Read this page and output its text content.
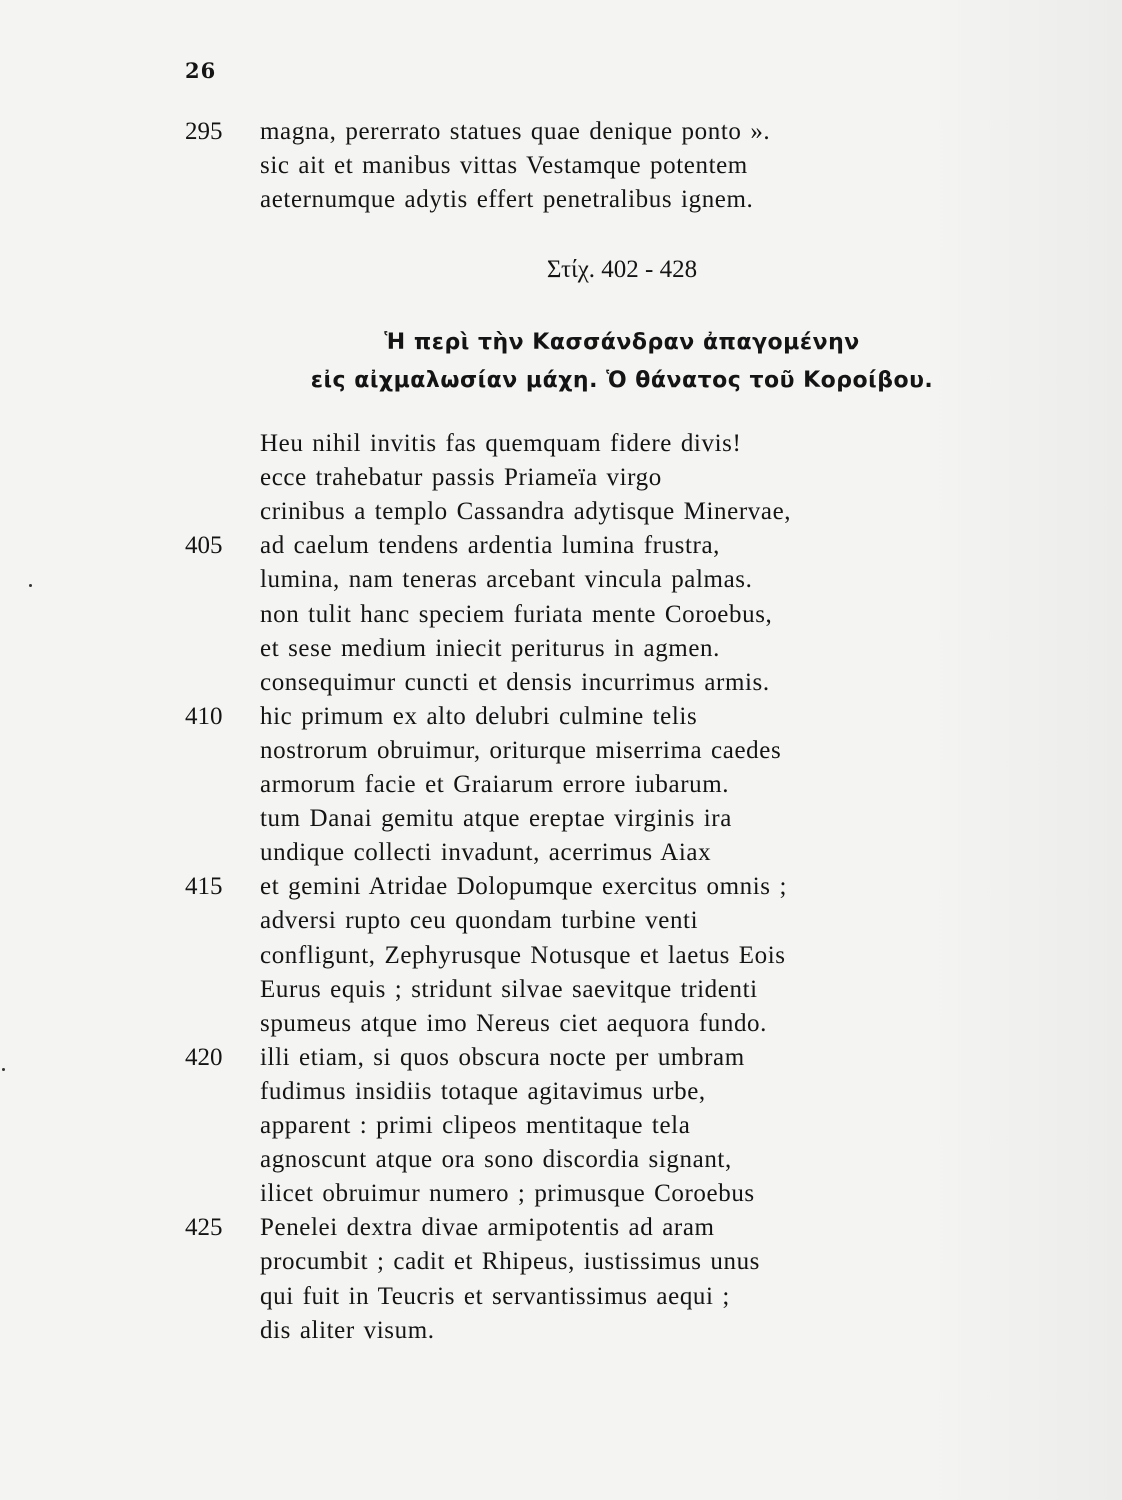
26
295 magna, pererrato statues quae denique ponto ».
sic ait et manibus vittas Vestamque potentem
aeternumque adytis effert penetralibus ignem.
Στίχ. 402 - 428
Ἡ περὶ τὴν Κασσάνδραν ἀπαγομένην
εἰς αἰχμαλωσίαν μάχη. Ὁ θάνατος τοῦ Κοροίβου.
Heu nihil invitis fas quemquam fidere divis!
ecce trahebatur passis Priameïa virgo
crinibus a templo Cassandra adytisque Minervae,
405 ad caelum tendens ardentia lumina frustra,
lumina, nam teneras arcebant vincula palmas.
non tulit hanc speciem furiata mente Coroebus,
et sese medium iniecit periturus in agmen.
consequimur cuncti et densis incurrimus armis.
410 hic primum ex alto delubri culmine telis
nostrorum obruimur, oriturque miserrima caedes
armorum facie et Graiarum errore iubarum.
tum Danai gemitu atque ereptae virginis ira
undique collecti invadunt, acerrimus Aiax
415 et gemini Atridae Dolopumque exercitus omnis ;
adversi rupto ceu quondam turbine venti
confligunt, Zephyrusque Notusque et laetus Eois
Eurus equis ; stridunt silvae saevitque tridenti
spumeus atque imo Nereus ciet aequora fundo.
420 illi etiam, si quos obscura nocte per umbram
fudimus insidiis totaque agitavimus urbe,
apparent : primi clipeos mentitaque tela
agnoscunt atque ora sono discordia signant,
ilicet obruimur numero ; primusque Coroebus
425 Penelei dextra divae armipotentis ad aram
procumbit ; cadit et Rhipeus, iustissimus unus
qui fuit in Teucris et servantissimus aequi ;
dis aliter visum.
